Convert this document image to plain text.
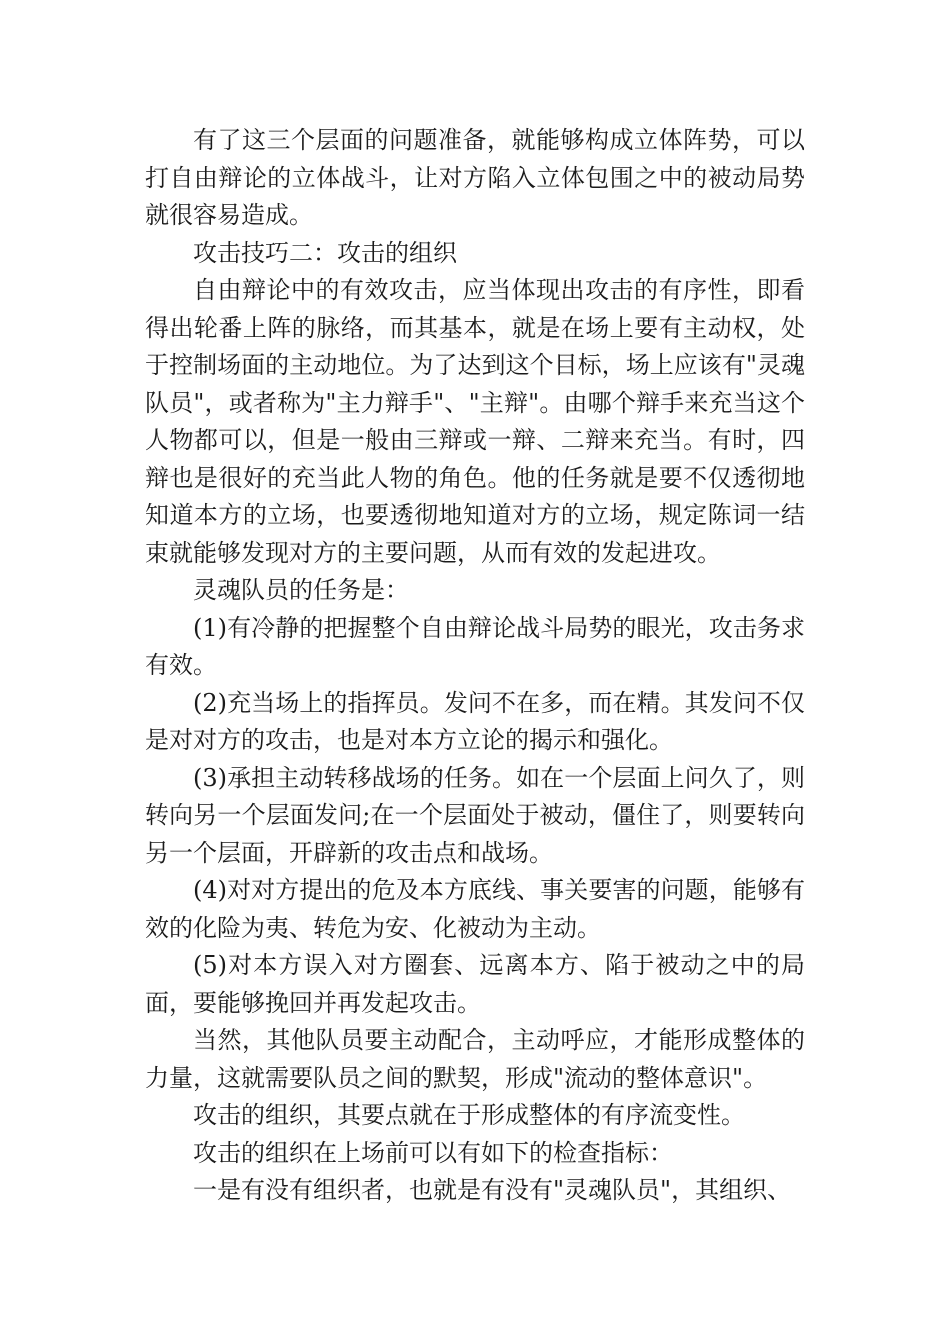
有了这三个层面的问题准备，就能够构成立体阵势，可以打自由辩论的立体战斗，让对方陷入立体包围之中的被动局势就很容易造成。

攻击技巧二：攻击的组织

自由辩论中的有效攻击，应当体现出攻击的有序性，即看得出轮番上阵的脉络，而其基本，就是在场上要有主动权，处于控制场面的主动地位。为了达到这个目标，场上应该有"灵魂队员"，或者称为"主力辩手"、"主辩"。由哪个辩手来充当这个人物都可以，但是一般由三辩或一辩、二辩来充当。有时，四辩也是很好的充当此人物的角色。他的任务就是要不仅透彻地知道本方的立场，也要透彻地知道对方的立场，规定陈词一结束就能够发现对方的主要问题，从而有效的发起进攻。

灵魂队员的任务是：

(1)有冷静的把握整个自由辩论战斗局势的眼光，攻击务求有效。

(2)充当场上的指挥员。发问不在多，而在精。其发问不仅是对对方的攻击，也是对本方立论的揭示和强化。

(3)承担主动转移战场的任务。如在一个层面上问久了，则转向另一个层面发问;在一个层面处于被动，僵住了，则要转向另一个层面，开辟新的攻击点和战场。

(4)对对方提出的危及本方底线、事关要害的问题，能够有效的化险为夷、转危为安、化被动为主动。

(5)对本方误入对方圈套、远离本方、陷于被动之中的局面，要能够挽回并再发起攻击。

当然，其他队员要主动配合，主动呼应，才能形成整体的力量，这就需要队员之间的默契，形成"流动的整体意识"。

攻击的组织，其要点就在于形成整体的有序流变性。

攻击的组织在上场前可以有如下的检查指标：

一是有没有组织者，也就是有没有"灵魂队员"，其组织、
